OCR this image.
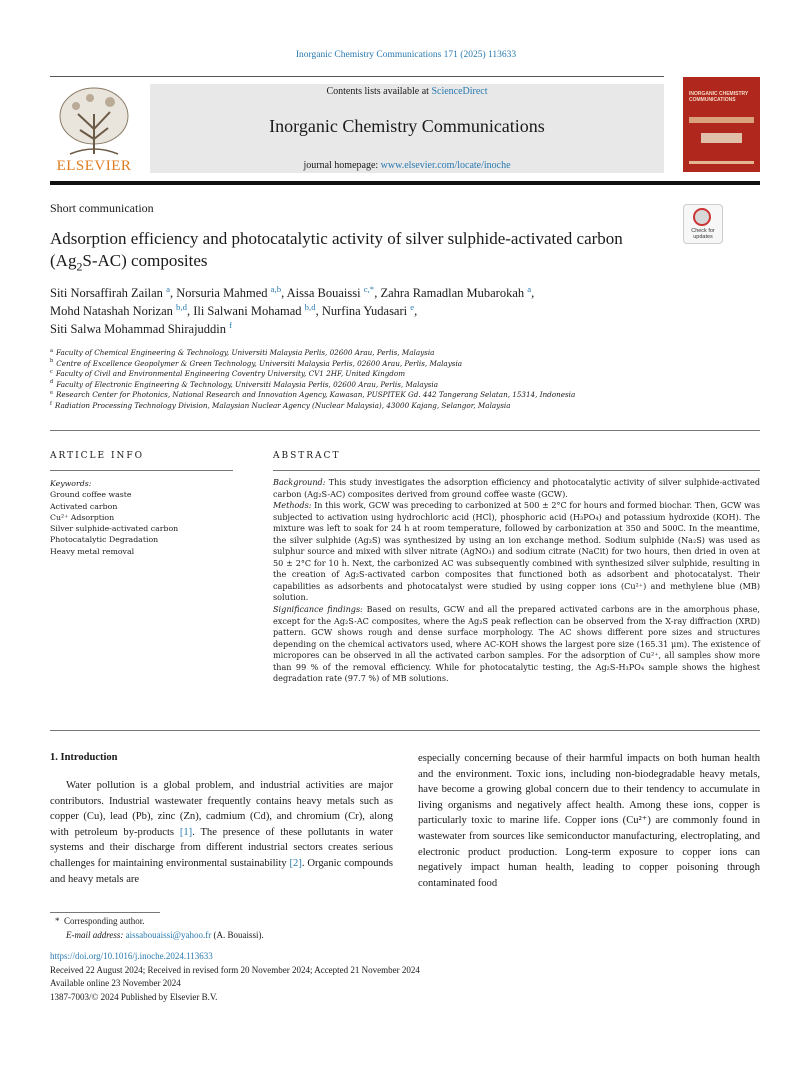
Inorganic Chemistry Communications 171 (2025) 113633
ELSEVIER
Contents lists available at ScienceDirect
Inorganic Chemistry Communications
journal homepage: www.elsevier.com/locate/inoche
INORGANIC CHEMISTRY COMMUNICATIONS
Short communication
Check for updates
Adsorption efficiency and photocatalytic activity of silver sulphide-activated carbon $(Ag_2S-AC)$ composites
Siti Norsaffirah Zailan $^a$, Norsuria Mahmed $^{a,b}$, Aissa Bouaissi $^{c,*}$, Zahra Ramadlan Mubarokah $^a$,
Mohd Natashah Norizan $^{b,d}$, Ili Salwani Mohamad $^{b,d}$, Nurfina Yudasari $^e$,
Siti Salwa Mohammad Shirajuddin $^f$
$^a$ Faculty of Chemical Engineering & Technology, Universiti Malaysia Perlis, 02600 Arau, Perlis, Malaysia
$^b$ Centre of Excellence Geopolymer & Green Technology, Universiti Malaysia Perlis, 02600 Arau, Perlis, Malaysia
$^c$ Faculty of Civil and Environmental Engineering Coventry University, CV1 2HF, United Kingdom
$^d$ Faculty of Electronic Engineering & Technology, Universiti Malaysia Perlis, 02600 Arau, Perlis, Malaysia
$^e$ Research Center for Photonics, National Research and Innovation Agency, Kawasan, PUSPITEK Gd. 442 Tangerang Selatan, 15314, Indonesia
$^f$ Radiation Processing Technology Division, Malaysian Nuclear Agency (Nuclear Malaysia), 43000 Kajang, Selangor, Malaysia
ARTICLE INFO	ABSTRACT
Keywords:
Ground coffee waste
Activated carbon
Cu²⁺ Adsorption
Silver sulphide-activated carbon
Photocatalytic Degradation
Heavy metal removal

Background: This study investigates the adsorption efficiency and photocatalytic activity of silver sulphide-activated carbon (Ag₂S-AC) composites derived from ground coffee waste (GCW).

Methods: In this work, GCW was preceding to carbonized at 500 ± 2°C for hours and formed biochar. Then, GCW was subjected to activation using hydrochloric acid (HCl), phosphoric acid (H₃PO₄) and potassium hydroxide (KOH). The mixture was left to soak for 24 h at room temperature, followed by carbonization at 350 and 500C. In the meantime, the silver sulphide (Ag₂S) was synthesized by using an ion exchange method. Sodium sulphide (Na₂S) was used as sulphur source and mixed with silver nitrate (AgNO₃) and sodium citrate (NaCit) for two hours, then dried in oven at 50 ± 2°C for 10 h. Next, the carbonized AC was subsequently combined with synthesized silver sulphide, resulting in the creation of Ag₂S-activated carbon composites that functioned both as adsorbent and photocatalyst. Their capabilities as adsorbents and photocatalyst were studied by using copper ions (Cu²⁺) and methylene blue (MB) solution.

Significance findings: Based on results, GCW and all the prepared activated carbons are in the amorphous phase, except for the Ag₂S-AC composites, where the Ag₂S peak reflection can be observed from the X-ray diffraction (XRD) pattern. GCW shows rough and dense surface morphology. The AC shows different pore sizes and structures depending on the chemical activators used, where AC-KOH shows the largest pore size (165.31 μm). The existence of micropores can be observed in all the activated carbon samples. For the adsorption of Cu²⁺, all samples show more than 99 % of the removal efficiency. While for photocatalytic testing, the Ag₂S-H₃PO₄ sample shows the highest degradation rate (97.7 %) of MB solutions.

1. Introduction

Water pollution is a global problem, and industrial activities are major contributors. Industrial wastewater frequently contains heavy metals such as copper (Cu), lead (Pb), zinc (Zn), cadmium (Cd), and chromium (Cr), along with petroleum by-products [1]. The presence of these pollutants in water systems and their discharge from different industrial sectors creates serious challenges for maintaining environmental sustainability [2]. Organic compounds and heavy metals are

especially concerning because of their harmful impacts on both human health and the environment. Toxic ions, including non-biodegradable heavy metals, have become a growing global concern due to their tendency to accumulate in living organisms and negatively affect health. Among these ions, copper is particularly toxic to marine life. Copper ions (Cu²⁺) are commonly found in wastewater from sources like semiconductor manufacturing, electroplating, and electronic product production. Long-term exposure to copper ions can negatively impact human health, leading to copper poisoning through contaminated food

* Corresponding author.
E-mail address: aissabouaissi@yahoo.fr (A. Bouaissi).
https://doi.org/10.1016/j.inoche.2024.113633
Received 22 August 2024; Received in revised form 20 November 2024; Accepted 21 November 2024
Available online 23 November 2024
1387-7003/© 2024 Published by Elsevier B.V.
